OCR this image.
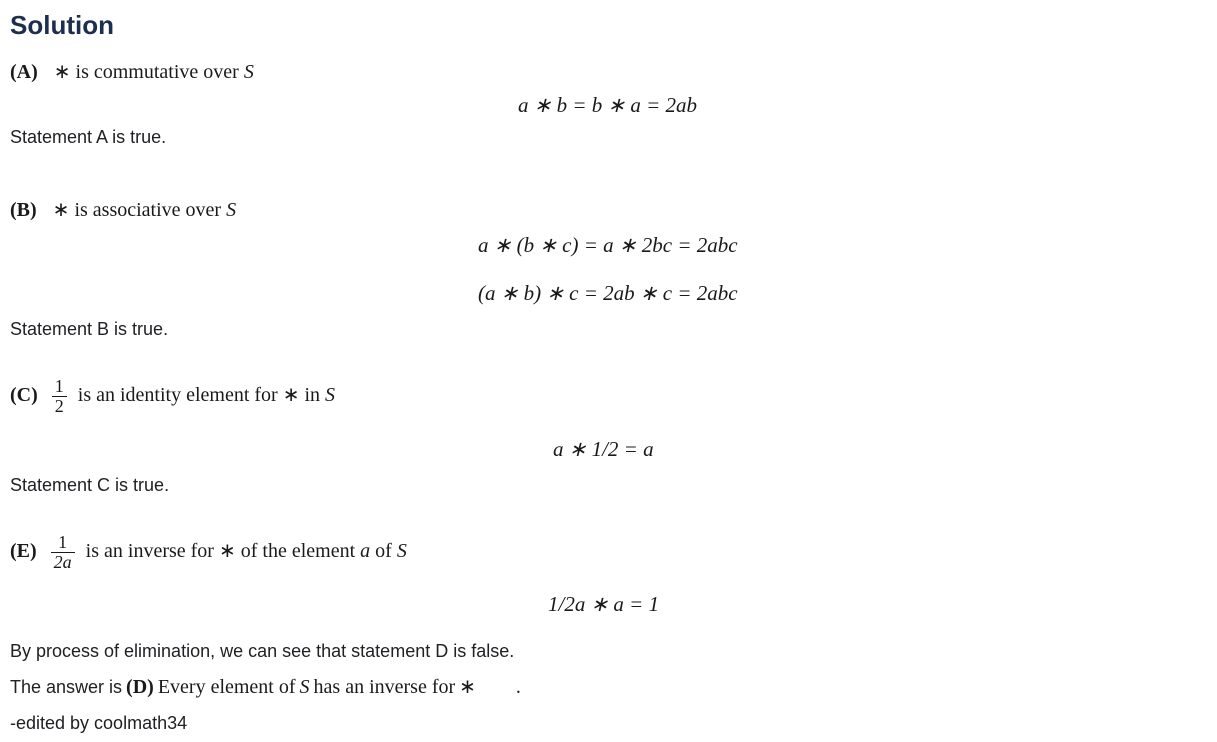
Solution
(A) ∗ is commutative over S
a ∗ b = b ∗ a = 2ab
Statement A is true.
(B) ∗ is associative over S
a ∗ (b ∗ c) = a ∗ 2bc = 2abc
(a ∗ b) ∗ c = 2ab ∗ c = 2abc
Statement B is true.
$(C) \frac{1}{2}$ is an identity element for ∗ in S
a ∗ 1/2 = a
Statement C is true.
$(E) \frac{1}{2a}$ is an inverse for ∗ of the element a of S
1/2a ∗ a = 1
By process of elimination, we can see that statement D is false.
The answer is (D) Every element of S has an inverse for ∗ .
-edited by coolmath34
